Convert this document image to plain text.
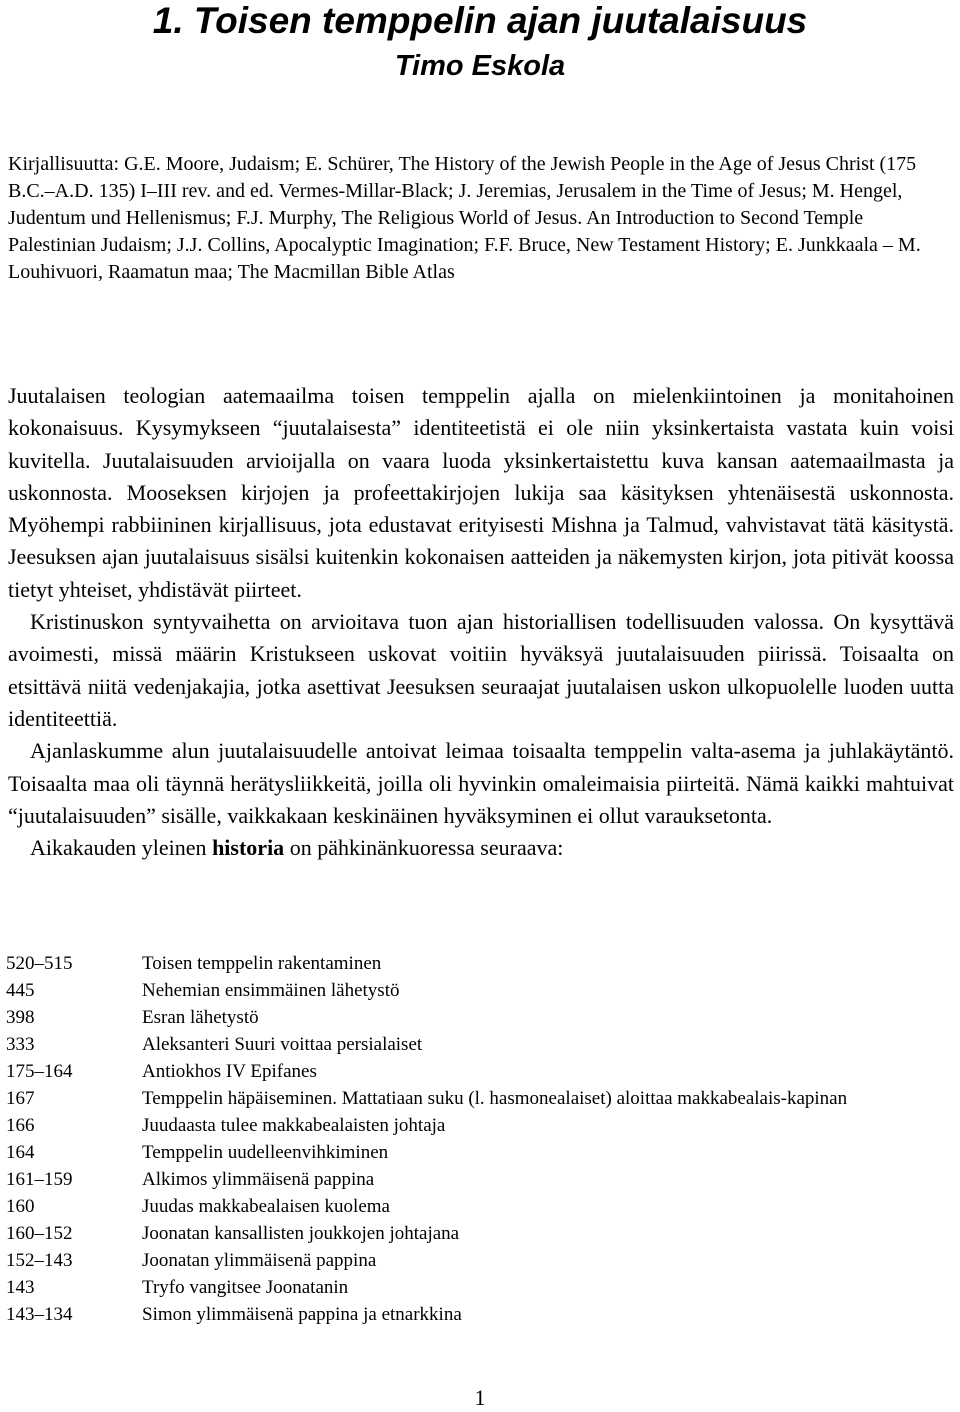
1. Toisen temppelin ajan juutalaisuus
Timo Eskola

Kirjallisuutta: G.E. Moore, Judaism; E. Schürer, The History of the Jewish People in the Age of Jesus Christ (175 B.C.–A.D. 135) I–III rev. and ed. Vermes-Millar-Black; J. Jeremias, Jerusalem in the Time of Jesus; M. Hengel, Judentum und Hellenismus; F.J. Murphy, The Religious World of Jesus. An Introduction to Second Temple Palestinian Judaism; J.J. Collins, Apocalyptic Imagination; F.F. Bruce, New Testament History; E. Junkkaala – M. Louhivuori, Raamatun maa; The Macmillan Bible Atlas

Juutalaisen teologian aatemaailma toisen temppelin ajalla on mielenkiintoinen ja monitahoinen kokonaisuus. Kysymykseen “juutalaisesta” identiteetistä ei ole niin yksinkertaista vastata kuin voisi kuvitella. Juutalaisuuden arvioijalla on vaara luoda yksinkertaistettu kuva kansan aatemaailmasta ja uskonnosta. Mooseksen kirjojen ja profeettakirjojen lukija saa käsityksen yhtenäisestä uskonnosta. Myöhempi rabbiininen kirjallisuus, jota edustavat erityisesti Mishna ja Talmud, vahvistavat tätä käsitystä. Jeesuksen ajan juutalaisuus sisälsi kuitenkin kokonaisen aatteiden ja näkemysten kirjon, jota pitivät koossa tietyt yhteiset, yhdistävät piirteet.

Kristinuskon syntyvaihetta on arvioitava tuon ajan historiallisen todellisuuden valossa. On kysyttävä avoimesti, missä määrin Kristukseen uskovat voitiin hyväksyä juutalaisuuden piirissä. Toisaalta on etsittävä niitä vedenjakajia, jotka asettivat Jeesuksen seuraajat juutalaisen uskon ulkopuolelle luoden uutta identiteettiä.

Ajanlaskumme alun juutalaisuudelle antoivat leimaa toisaalta temppelin valta-asema ja juhlakäytäntö. Toisaalta maa oli täynnä herätysliikkeitä, joilla oli hyvinkin omaleimaisia piirteitä. Nämä kaikki mahtuivat “juutalaisuuden” sisälle, vaikkakaan keskinäinen hyväksyminen ei ollut varauksetonta.

Aikakauden yleinen historia on pähkinänkuoressa seuraava:

520–515	Toisen temppelin rakentaminen
445	Nehemian ensimmäinen lähetystö
398	Esran lähetystö
333	Aleksanteri Suuri voittaa persialaiset
175–164	Antiokhos IV Epifanes
167	Temppelin häpäiseminen. Mattatiaan suku (l. hasmonealaiset) aloittaa makkabealais-kapinan
166	Juudaasta tulee makkabealaisten johtaja
164	Temppelin uudelleenvihkiminen
161–159	Alkimos ylimmäisenä pappina
160	Juudas makkabealaisen kuolema
160–152	Joonatan kansallisten joukkojen johtajana
152–143	Joonatan ylimmäisenä pappina
143	Tryfo vangitsee Joonatanin
143–134	Simon ylimmäisenä pappina ja etnarkkina
1
